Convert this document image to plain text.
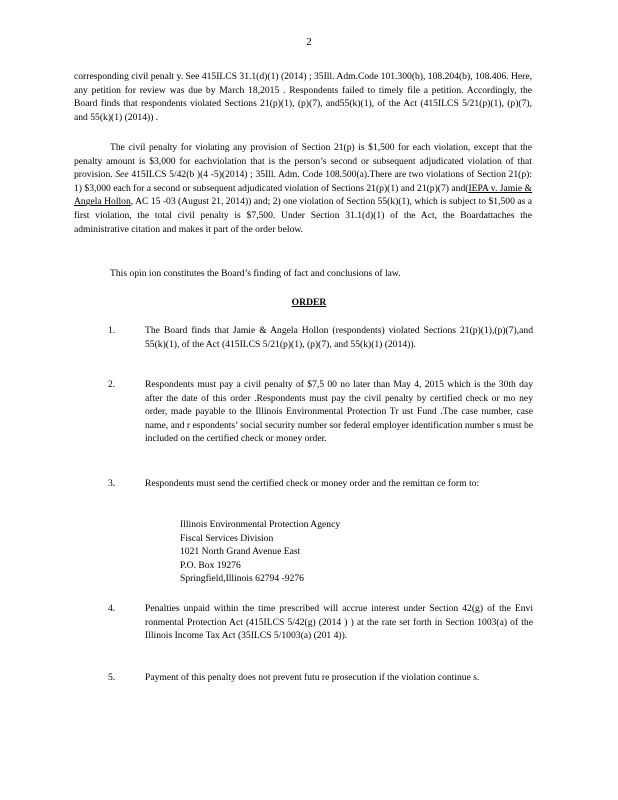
2

corresponding civil penalt y. See 415ILCS 31.1(d)(1) (2014) ; 35Ill. Adm.Code 101.300(b), 108.204(b), 108.406. Here, any petition for review was due by March 18,2015 . Respondents failed to timely file a petition. Accordingly, the Board finds that respondents violated Sections 21(p)(1), (p)(7), and55(k)(1), of the Act (415ILCS 5/21(p)(1), (p)(7), and 55(k)(1) (2014)) .

The civil penalty for violating any provision of Section 21(p) is $1,500 for each violation, except that the penalty amount is $3,000 for eachviolation that is the person’s second or subsequent adjudicated violation of that provision. See 415ILCS 5/42(b )(4 -5)(2014) ; 35Ill. Adm. Code 108.500(a).There are two violations of Section 21(p): 1) $3,000 each for a second or subsequent adjudicated violation of Sections 21(p)(1) and 21(p)(7) and(IEPA v. Jamie & Angela Hollon, AC 15 -03 (August 21, 2014)) and; 2) one violation of Section 55(k)(1), which is subject to $1,500 as a first violation, the total civil penalty is $7,500. Under Section 31.1(d)(1) of the Act, the Boardattaches the administrative citation and makes it part of the order below.

This opin ion constitutes the Board’s finding of fact and conclusions of law.

ORDER
1.	The Board finds that Jamie & Angela Hollon (respondents) violated Sections 21(p)(1),(p)(7),and 55(k)(1), of the Act (415ILCS 5/21(p)(1), (p)(7), and 55(k)(1) (2014)).
2.	Respondents must pay a civil penalty of $7,5 00 no later than May 4, 2015 which is the 30th day after the date of this order .Respondents must pay the civil penalty by certified check or mo ney order, made payable to the Illinois Environmental Protection Tr ust Fund .The case number, case name, and r espondents’ social security number sor federal employer identification number s must be included on the certified check or money order.
3.	Respondents must send the certified check or money order and the remittan ce form to:
Illinois Environmental Protection Agency
Fiscal Services Division
1021 North Grand Avenue East
P.O. Box 19276
Springfield,Illinois 62794 -9276
4.	Penalties unpaid within the time prescribed will accrue interest under Section 42(g) of the Envi ronmental Protection Act (415ILCS 5/42(g) (2014 ) ) at the rate set forth in Section 1003(a) of the Illinois Income Tax Act (35ILCS 5/1003(a) (201 4)).
5.	Payment of this penalty does not prevent futu re prosecution if the violation continue s.
